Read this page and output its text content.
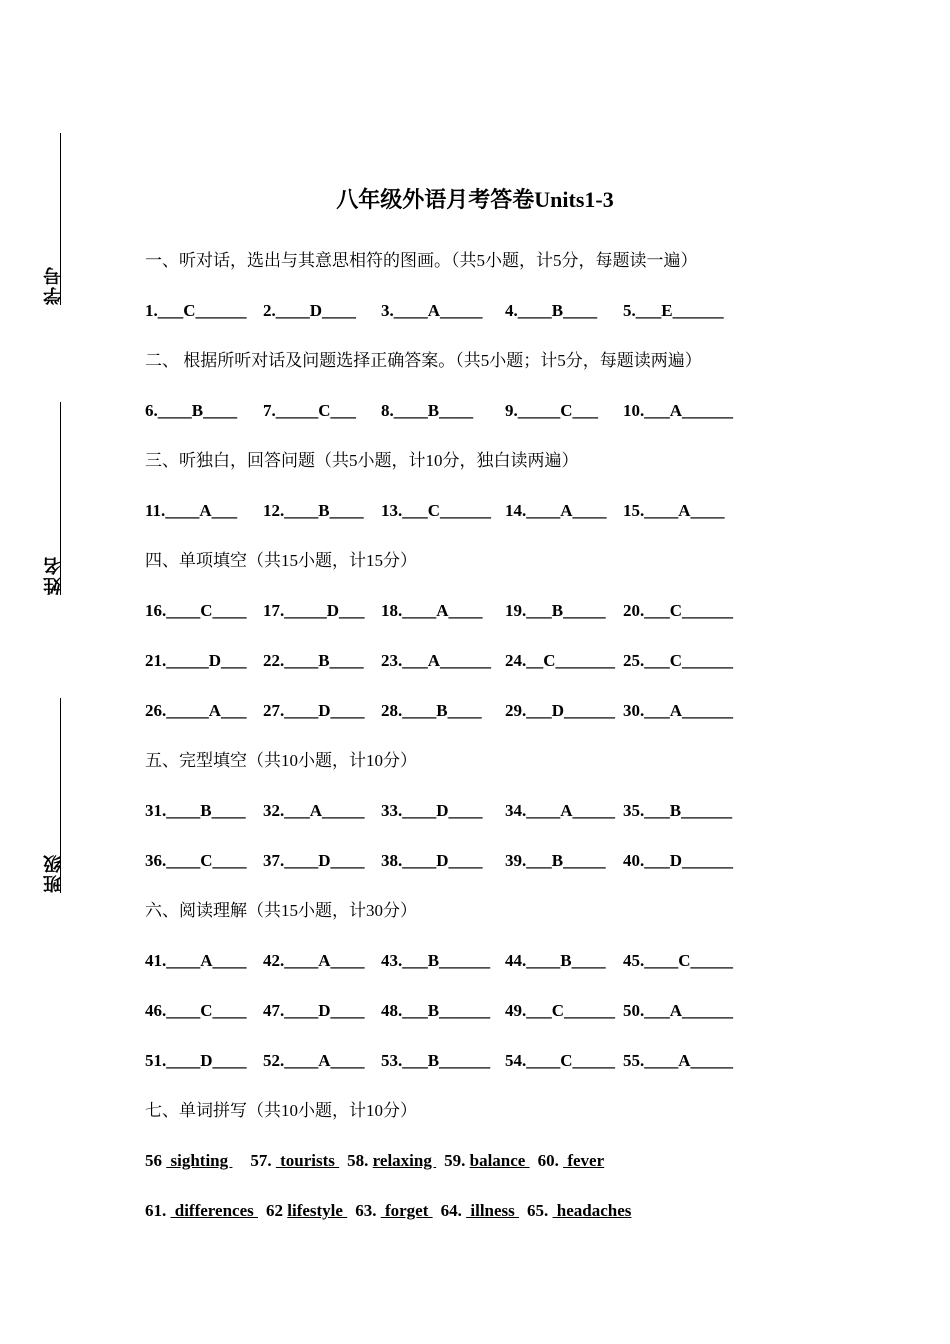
学号
姓名
班级
八年级外语月考答卷Units1-3
一、听对话，选出与其意思相符的图画。（共5小题，计5分，每题读一遍）
1.___C______ 2.____D____ 3.____A_____ 4.____B____ 5.___E______
二、 根据所听对话及问题选择正确答案。（共5小题；计5分，每题读两遍）
6.____B____ 7._____C___ 8.____B____ 9._____C___ 10.___A______
三、听独白，回答问题（共5小题，计10分，独白读两遍）
11.____A___ 12.____B____ 13.___C______ 14.____A____ 15.____A____
四、单项填空（共15小题，计15分）
16.____C____ 17._____D___ 18.____A____ 19.___B_____ 20.___C______
21._____D___ 22.____B____ 23.___A______ 24.__C_______ 25.___C______
26._____A___ 27.____D____ 28.____B____ 29.___D______ 30.___A______
五、完型填空（共10小题，计10分）
31.____B____ 32.___A_____ 33.____D____ 34.____A_____ 35.___B______
36.____C____ 37.____D____ 38.____D____ 39.___B_____ 40.___D______
六、阅读理解（共15小题，计30分）
41.____A____ 42.____A____ 43.___B______ 44.____B____ 45.____C_____
46.____C____ 47.____D____ 48.___B______ 49.___C______ 50.___A______
51.____D____ 52.____A____ 53.___B______ 54.____C_____ 55.____A_____
七、单词拼写（共10小题，计10分）
56  sighting 57.  tourists 58. relaxing 59. balance 60.  fever
61.  differences 62 lifestyle 63.  forget 64.  illness 65.  headaches
